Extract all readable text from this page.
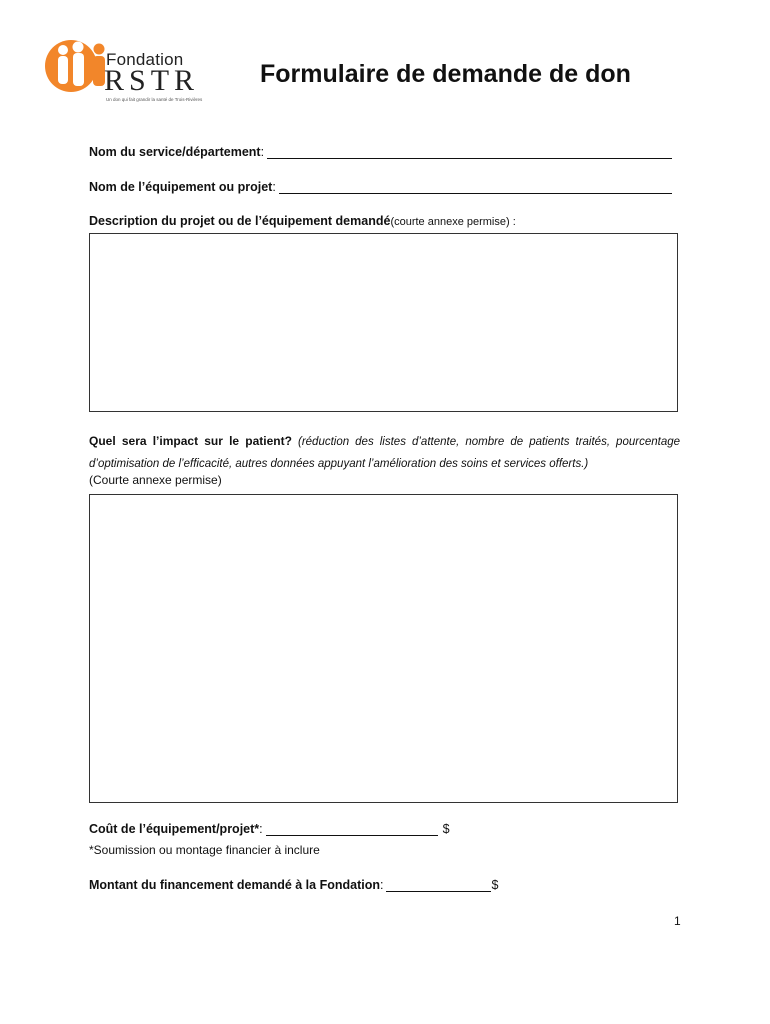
Fondation
RSTR
Un don qui fait grandir la santé de Trois-Rivières
Formulaire de demande de don
Nom du service/département :
Nom de l’équipement ou projet :
Description du projet ou de l’équipement demandé (courte annexe permise) :
Quel sera l’impact sur le patient? (réduction des listes d’attente, nombre de patients traités, pourcentage d’optimisation de l’efficacité, autres données appuyant l’amélioration des soins et services offerts.)
(Courte annexe permise)
Coût de l’équipement/projet* :	$
*Soumission ou montage financier à inclure
Montant du financement demandé à la Fondation :	$
1
